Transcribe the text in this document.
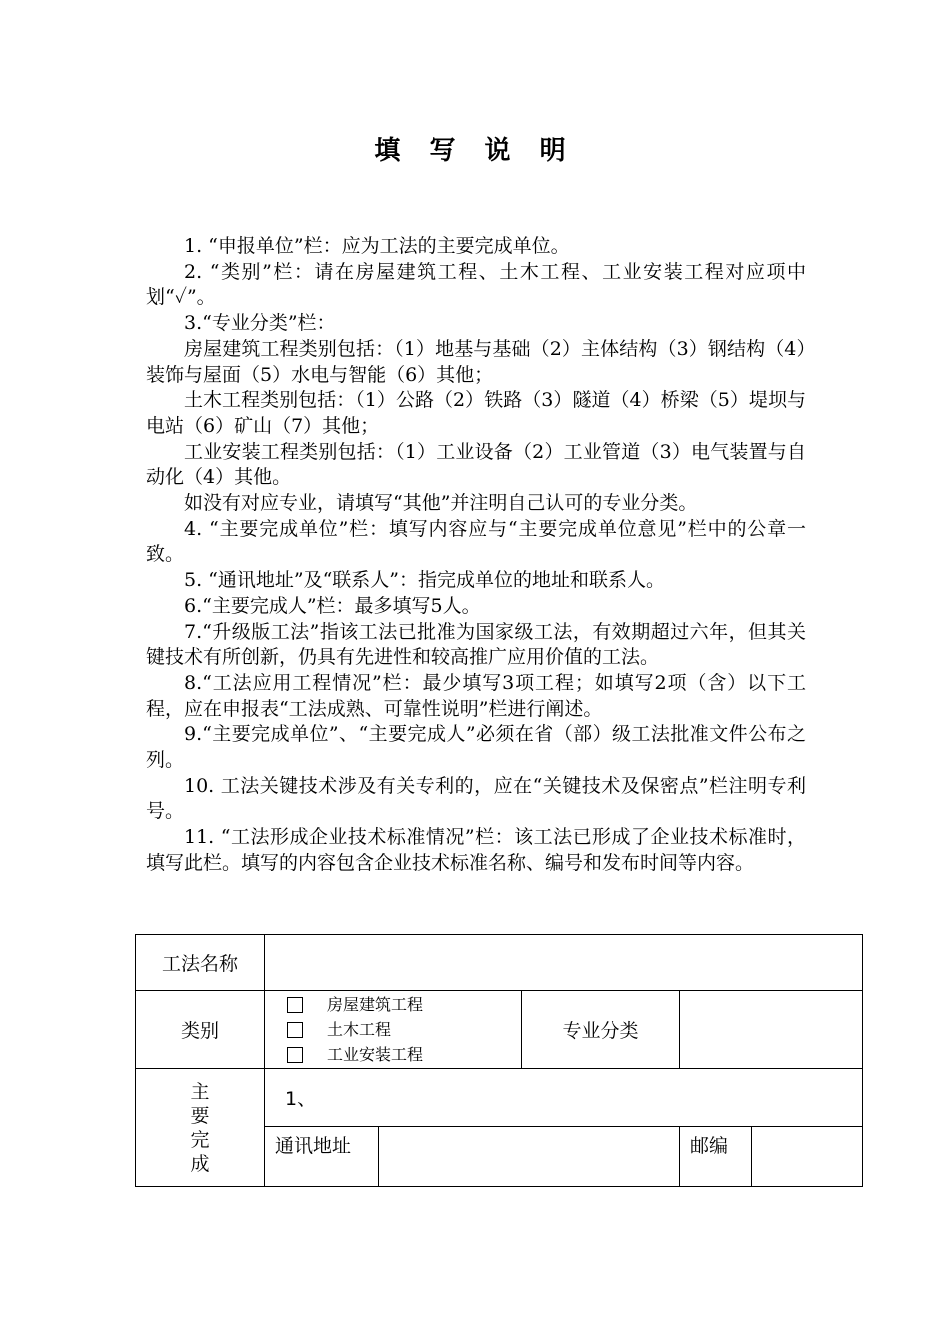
填 写 说 明

1. “申报单位”栏：应为工法的主要完成单位。

2. “类别”栏：请在房屋建筑工程、土木工程、工业安装工程对应项中划“✓”。

3.“专业分类”栏：

房屋建筑工程类别包括：（1）地基与基础（2）主体结构（3）钢结构（4）装饰与屋面（5）水电与智能（6）其他；

土木工程类别包括：（1）公路（2）铁路（3）隧道（4）桥梁（5）堤坝与电站（6）矿山（7）其他；

工业安装工程类别包括：（1）工业设备（2）工业管道（3）电气装置与自动化（4）其他。

如没有对应专业，请填写“其他”并注明自己认可的专业分类。

4. “主要完成单位”栏：填写内容应与“主要完成单位意见”栏中的公章一致。

5. “通讯地址”及“联系人”：指完成单位的地址和联系人。

6.“主要完成人”栏：最多填写5人。

7.“升级版工法”指该工法已批准为国家级工法，有效期超过六年，但其关键技术有所创新，仍具有先进性和较高推广应用价值的工法。

8.“工法应用工程情况”栏：最少填写3项工程；如填写2项（含）以下工程，应在申报表“工法成熟、可靠性说明”栏进行阐述。

9.“主要完成单位”、“主要完成人”必须在省（部）级工法批准文件公布之列。

10. 工法关键技术涉及有关专利的，应在“关键技术及保密点”栏注明专利号。

11. “工法形成企业技术标准情况”栏：该工法已形成了企业技术标准时，填写此栏。填写的内容包含企业技术标准名称、编号和发布时间等内容。

工法名称					
类别	房屋建筑工程
土木工程
工业安装工程		专业分类		

主
要
完
成	1、				
	通讯地址			邮编	
